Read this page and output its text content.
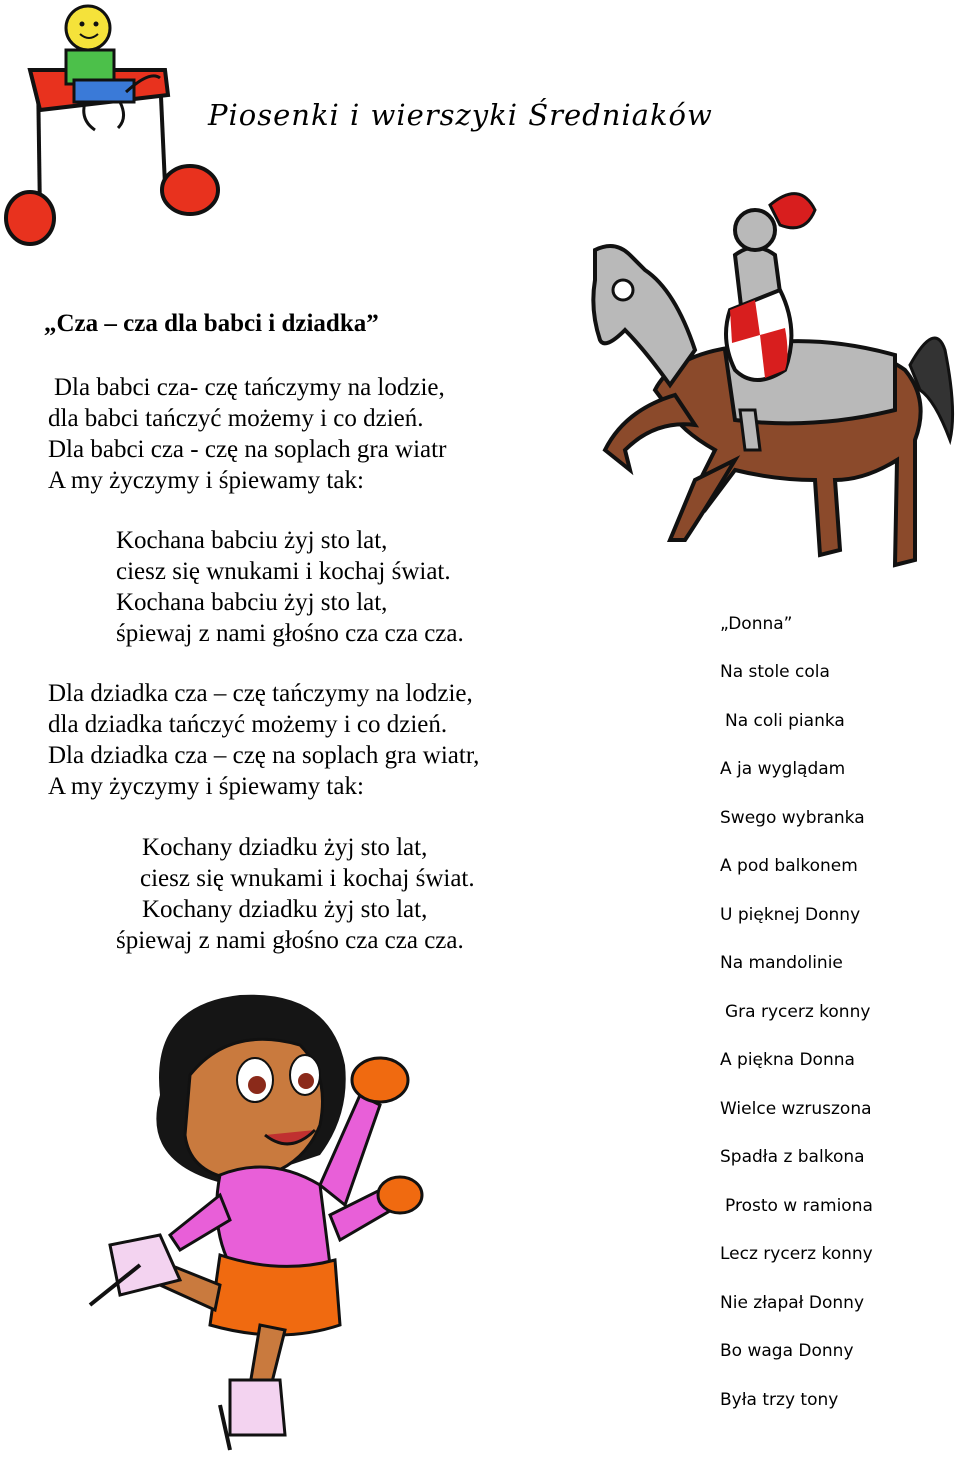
Piosenki i wierszyki Średniaków
„Cza – cza dla babci i dziadka”
Dla babci cza- czę tańczymy na lodzie,
dla babci tańczyć możemy i co dzień.
Dla babci cza - czę na soplach gra wiatr
A my życzymy i śpiewamy tak:
Kochana babciu żyj sto lat,
ciesz się wnukami i kochaj świat.
Kochana babciu żyj sto lat,
śpiewaj z nami głośno cza cza cza.
Dla dziadka cza – czę tańczymy na lodzie,
dla dziadka tańczyć możemy i co dzień.
Dla dziadka cza – czę na soplach gra wiatr,
A my życzymy i śpiewamy tak:
Kochany dziadku żyj sto lat,
ciesz się wnukami i kochaj świat.
Kochany dziadku żyj sto lat,
śpiewaj z nami głośno cza cza cza.
„Donna”
Na stole cola
Na coli pianka
A ja wyglądam
Swego wybranka
A pod balkonem
U pięknej Donny
Na mandolinie
Gra rycerz konny
A piękna Donna
Wielce wzruszona
Spadła z balkona
Prosto w ramiona
Lecz rycerz konny
Nie złapał Donny
Bo waga Donny
Była trzy tony
